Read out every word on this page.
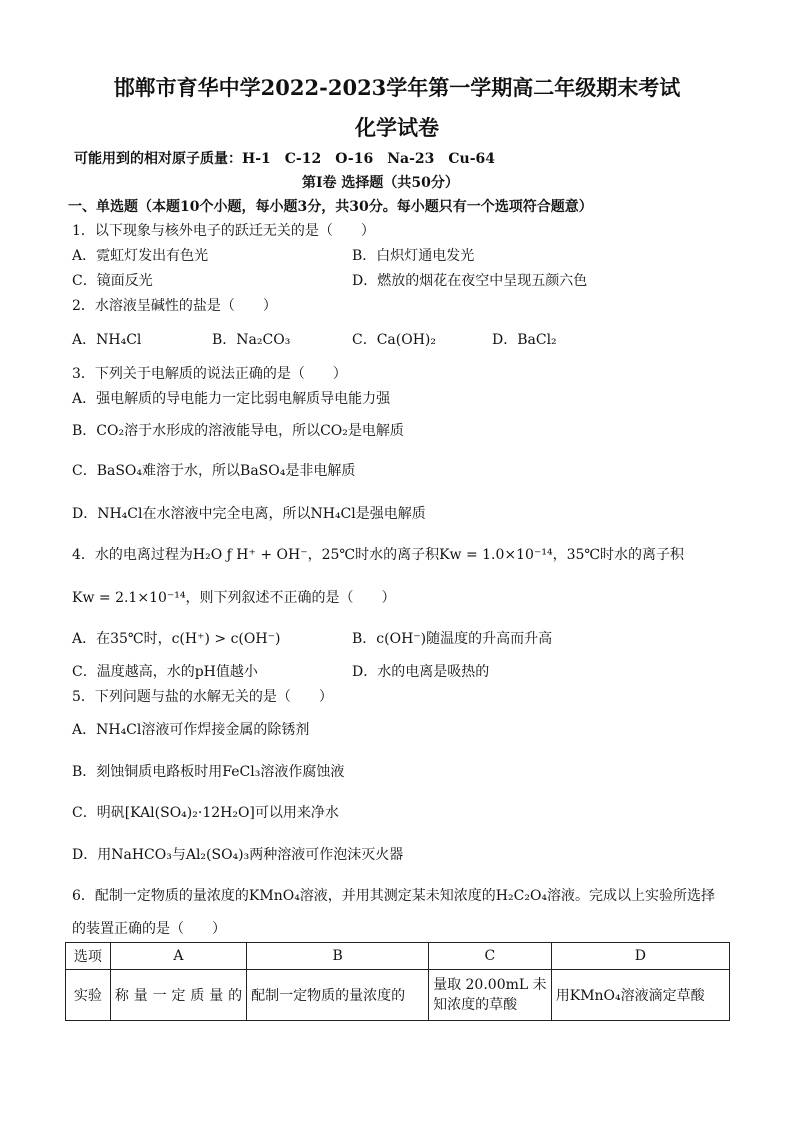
邯郸市育华中学2022-2023学年第一学期高二年级期末考试
化学试卷
可能用到的相对原子质量：H-1　C-12　O-16　Na-23　Cu-64
第Ⅰ卷 选择题（共50分）
一、单选题（本题10个小题，每小题3分，共30分。每小题只有一个选项符合题意）
1．以下现象与核外电子的跃迁无关的是（　　）
A．霓虹灯发出有色光	B．白炽灯通电发光
C．镜面反光	D．燃放的烟花在夜空中呈现五颜六色
2．水溶液呈碱性的盐是（　　）
A．NH₄Cl	B．Na₂CO₃	C．Ca(OH)₂	D．BaCl₂
3．下列关于电解质的说法正确的是（　　）
A．强电解质的导电能力一定比弱电解质导电能力强
B．CO₂溶于水形成的溶液能导电，所以CO₂是电解质
C．BaSO₄难溶于水，所以BaSO₄是非电解质
D．NH₄Cl在水溶液中完全电离，所以NH₄Cl是强电解质
4．水的电离过程为H₂O ƒ H⁺ + OH⁻，25℃时水的离子积Kw = 1.0×10⁻¹⁴，35℃时水的离子积
Kw = 2.1×10⁻¹⁴，则下列叙述不正确的是（　　）
A．在35℃时，c(H⁺) > c(OH⁻)	B．c(OH⁻)随温度的升高而升高
C．温度越高，水的pH值越小	D．水的电离是吸热的
5．下列问题与盐的水解无关的是（　　）
A．NH₄Cl溶液可作焊接金属的除锈剂
B．刻蚀铜质电路板时用FeCl₃溶液作腐蚀液
C．明矾[KAl(SO₄)₂·12H₂O]可以用来净水
D．用NaHCO₃与Al₂(SO₄)₃两种溶液可作泡沫灭火器
6．配制一定物质的量浓度的KMnO₄溶液，并用其测定某未知浓度的H₂C₂O₄溶液。完成以上实验所选择
的装置正确的是（　　）
选项	A	B	C	D
实验	称量一定质量的	配制一定物质的量浓度的	量取 20.00mL 未知浓度的草酸	用KMnO₄溶液滴定草酸
